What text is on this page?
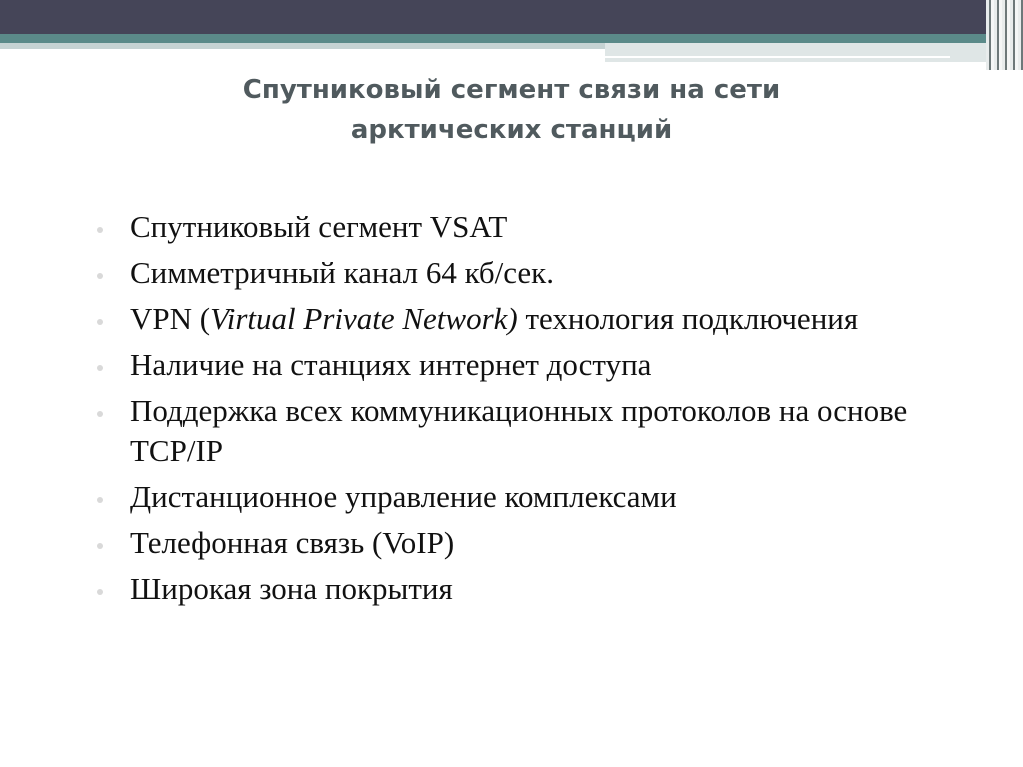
Спутниковый сегмент связи на сети
арктических станций
Спутниковый сегмент VSAT
Симметричный канал 64 кб/сек.
VPN (Virtual Private Network) технология подключения
Наличие на станциях интернет доступа
Поддержка всех коммуникационных протоколов на основе TCP/IP
Дистанционное управление комплексами
Телефонная связь (VoIP)
Широкая зона покрытия
